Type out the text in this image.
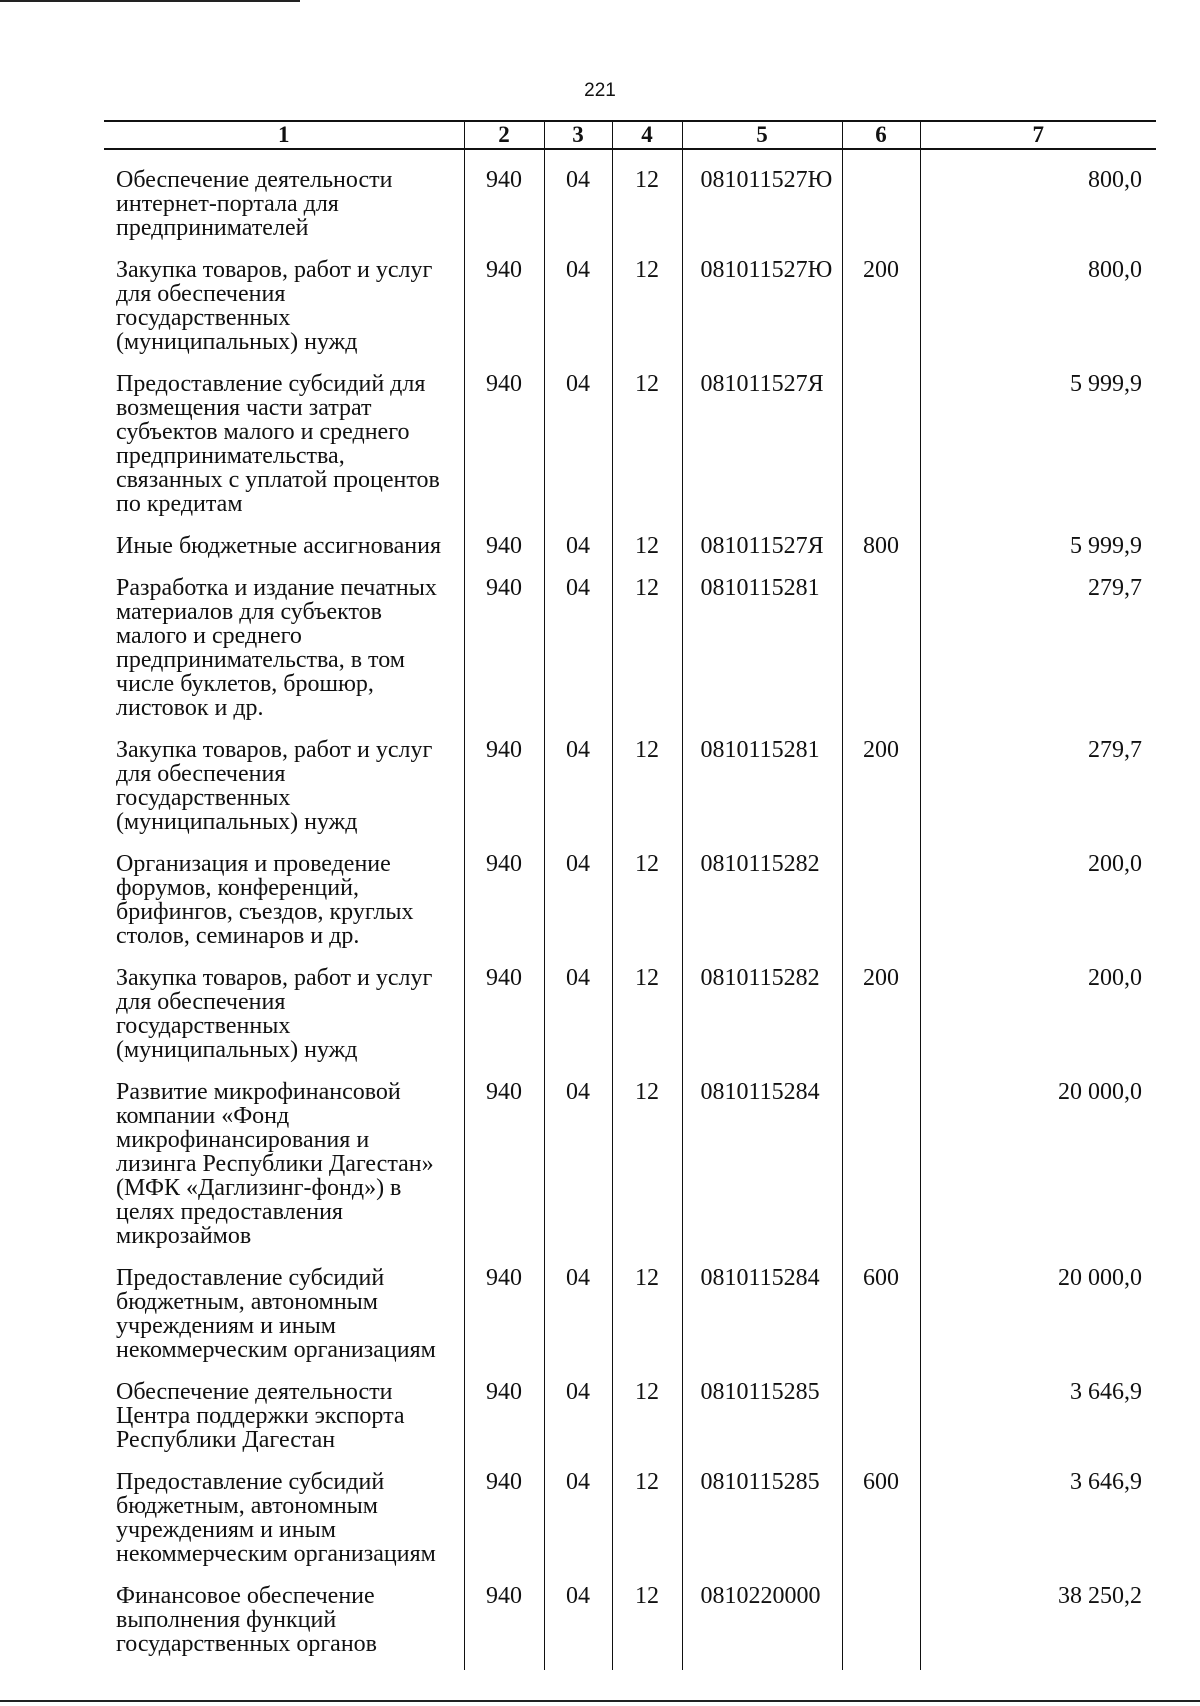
221
1	2	3	4	5	6	7
Обеспечение деятельности интернет-портала для предпринимателей	940	04	12	081011527Ю		800,0
Закупка товаров, работ и услуг для обеспечения государственных (муниципальных) нужд	940	04	12	081011527Ю	200	800,0
Предоставление субсидий для возмещения части затрат субъектов малого и среднего предпринимательства, связанных с уплатой процентов по кредитам	940	04	12	081011527Я		5 999,9
Иные бюджетные ассигнования	940	04	12	081011527Я	800	5 999,9
Разработка и издание печатных материалов для субъектов малого и среднего предпринимательства, в том числе буклетов, брошюр, листовок и др.	940	04	12	0810115281		279,7
Закупка товаров, работ и услуг для обеспечения государственных (муниципальных) нужд	940	04	12	0810115281	200	279,7
Организация и проведение форумов, конференций, брифингов, съездов, круглых столов, семинаров и др.	940	04	12	0810115282		200,0
Закупка товаров, работ и услуг для обеспечения государственных (муниципальных) нужд	940	04	12	0810115282	200	200,0
Развитие микрофинансовой компании «Фонд микрофинансирования и лизинга Республики Дагестан» (МФК «Даглизинг-фонд») в целях предоставления микрозаймов	940	04	12	0810115284		20 000,0
Предоставление субсидий бюджетным, автономным учреждениям и иным некоммерческим организациям	940	04	12	0810115284	600	20 000,0
Обеспечение деятельности Центра поддержки экспорта Республики Дагестан	940	04	12	0810115285		3 646,9
Предоставление субсидий бюджетным, автономным учреждениям и иным некоммерческим организациям	940	04	12	0810115285	600	3 646,9
Финансовое обеспечение выполнения функций государственных органов	940	04	12	0810220000		38 250,2
